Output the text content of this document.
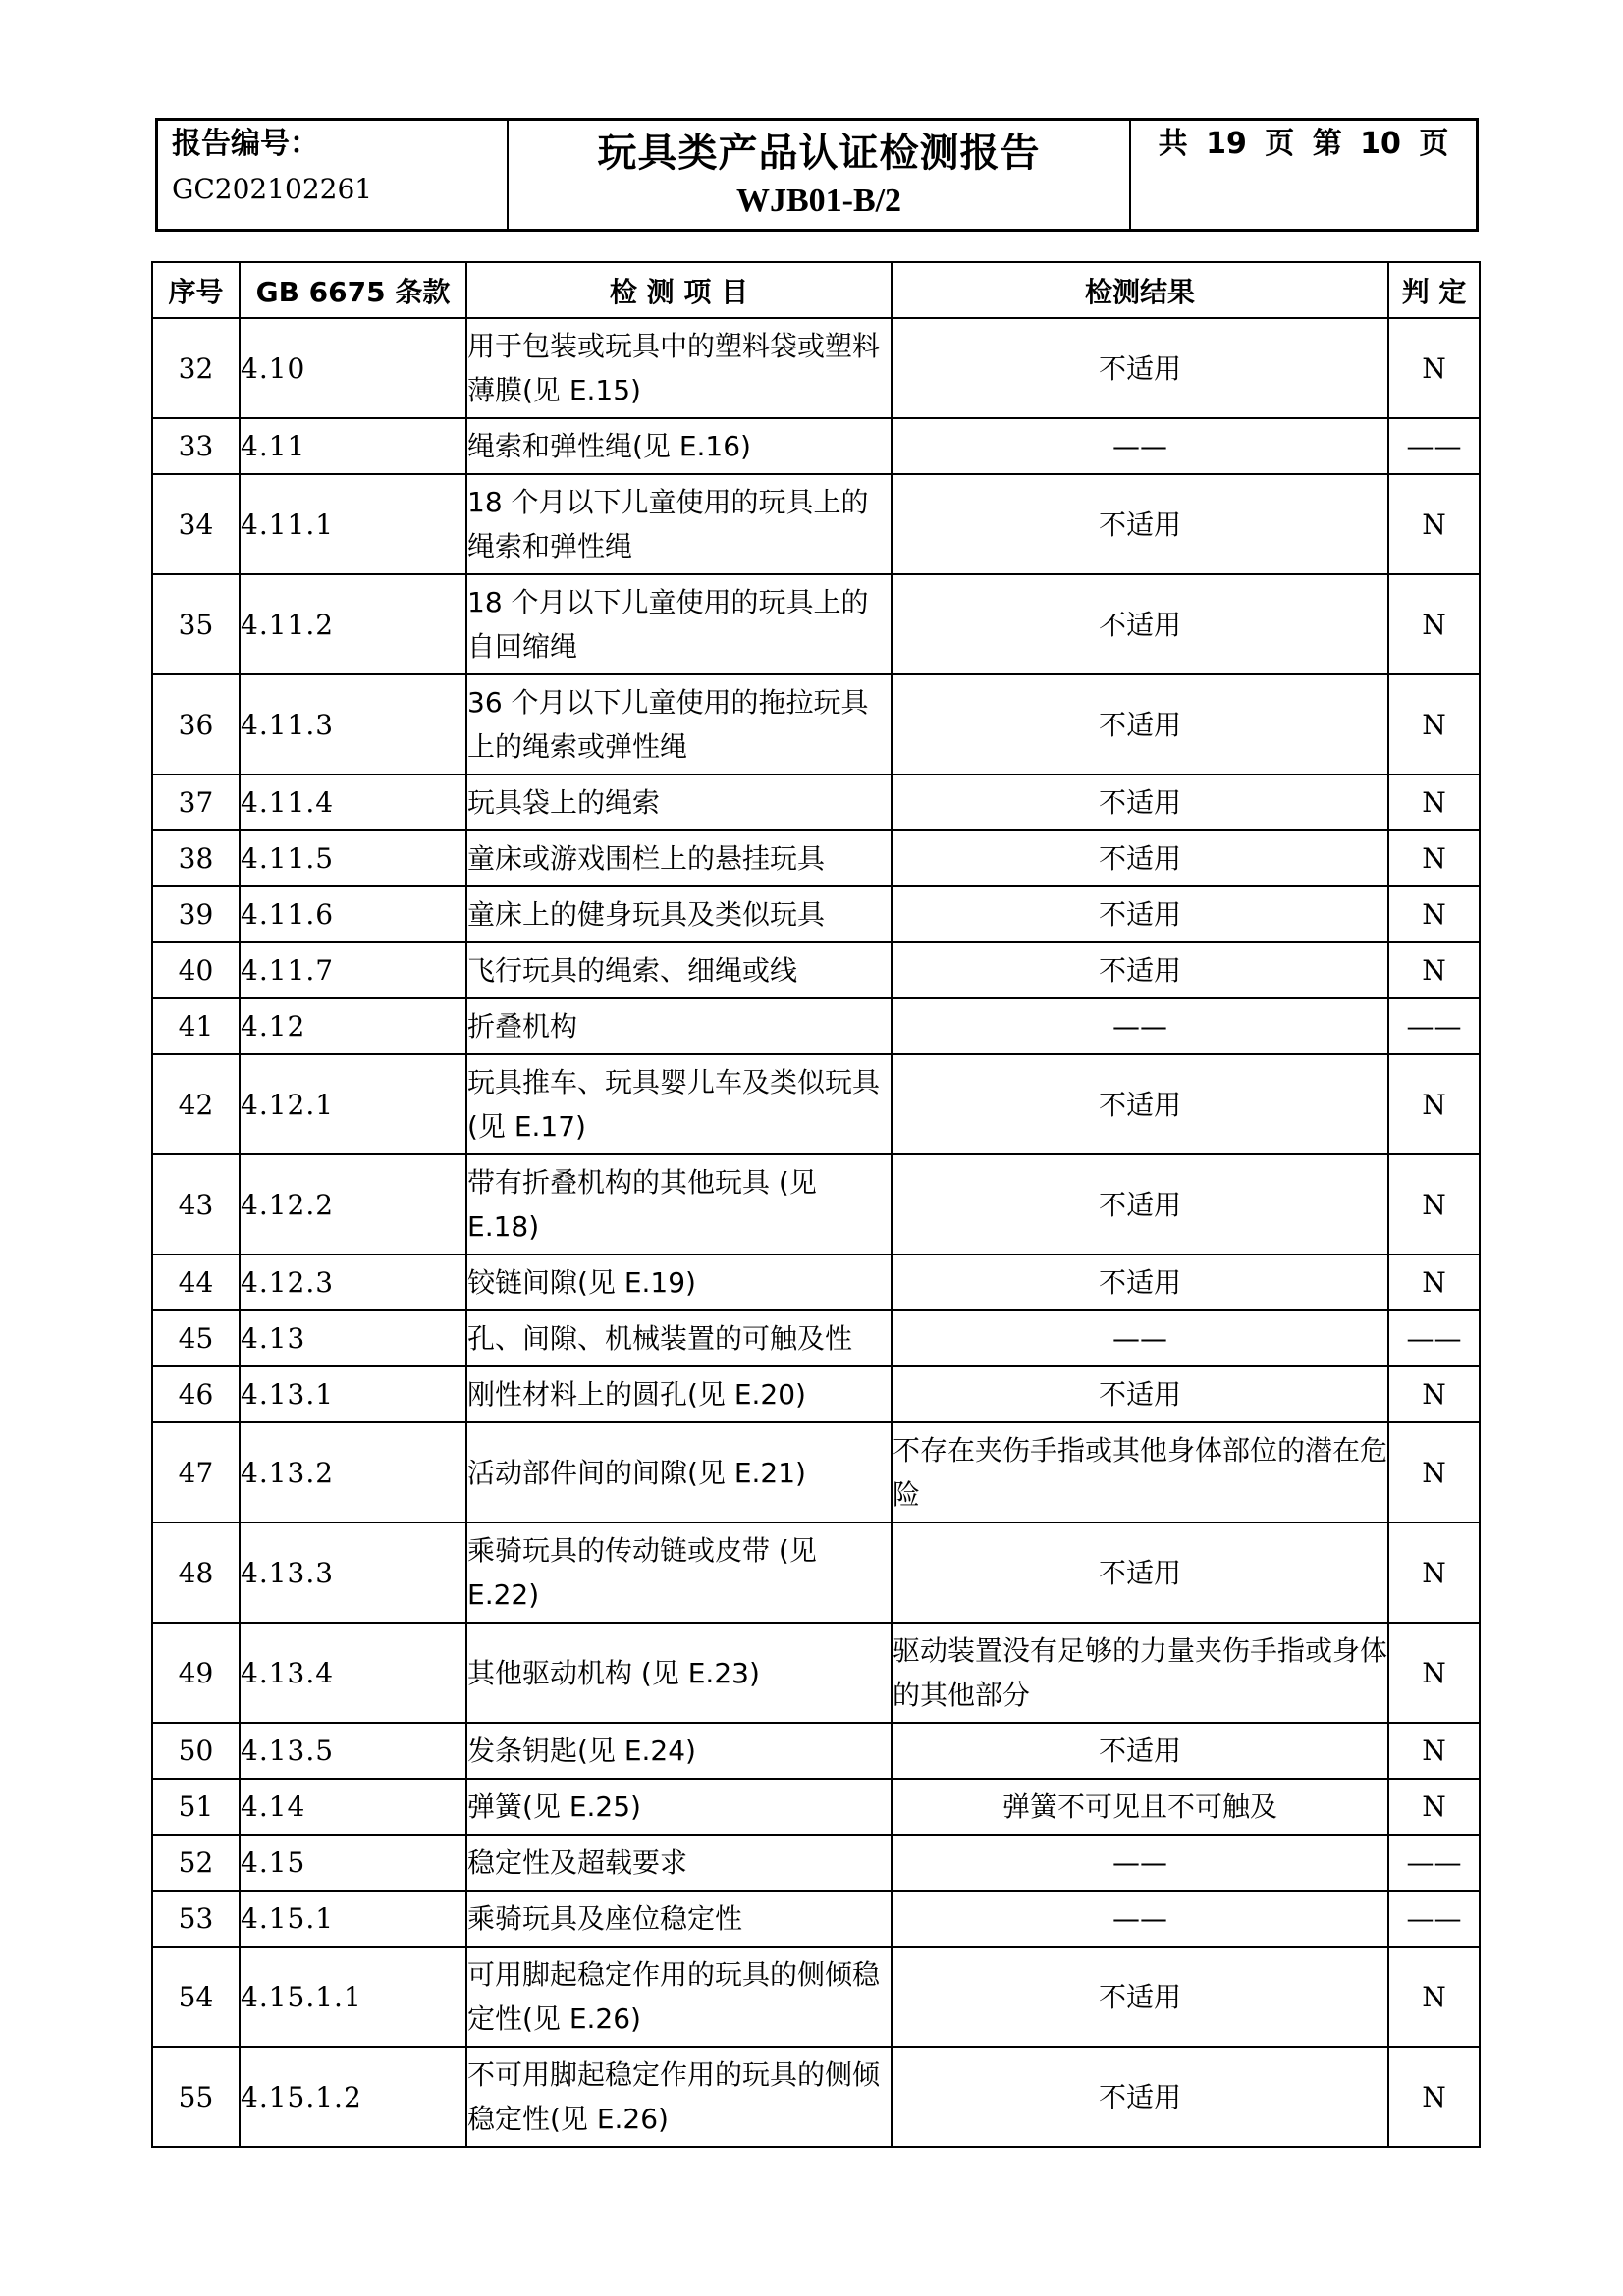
报告编号：
GC202102261
玩具类产品认证检测报告
WJB01-B/2
共 19 页 第 10 页
序号	GB 6675 条款	检 测 项 目	检测结果	判 定
32	4.10	用于包装或玩具中的塑料袋或塑料薄膜(见 E.15)	不适用	N
33	4.11	绳索和弹性绳(见 E.16)	——	——
34	4.11.1	18 个月以下儿童使用的玩具上的绳索和弹性绳	不适用	N
35	4.11.2	18 个月以下儿童使用的玩具上的自回缩绳	不适用	N
36	4.11.3	36 个月以下儿童使用的拖拉玩具上的绳索或弹性绳	不适用	N
37	4.11.4	玩具袋上的绳索	不适用	N
38	4.11.5	童床或游戏围栏上的悬挂玩具	不适用	N
39	4.11.6	童床上的健身玩具及类似玩具	不适用	N
40	4.11.7	飞行玩具的绳索、细绳或线	不适用	N
41	4.12	折叠机构	——	——
42	4.12.1	玩具推车、玩具婴儿车及类似玩具(见 E.17)	不适用	N
43	4.12.2	带有折叠机构的其他玩具 (见 E.18)	不适用	N
44	4.12.3	铰链间隙(见 E.19)	不适用	N
45	4.13	孔、间隙、机械装置的可触及性	——	——
46	4.13.1	刚性材料上的圆孔(见 E.20)	不适用	N
47	4.13.2	活动部件间的间隙(见 E.21)	不存在夹伤手指或其他身体部位的潜在危险	N
48	4.13.3	乘骑玩具的传动链或皮带 (见 E.22)	不适用	N
49	4.13.4	其他驱动机构 (见 E.23)	驱动装置没有足够的力量夹伤手指或身体的其他部分	N
50	4.13.5	发条钥匙(见 E.24)	不适用	N
51	4.14	弹簧(见 E.25)	弹簧不可见且不可触及	N
52	4.15	稳定性及超载要求	——	——
53	4.15.1	乘骑玩具及座位稳定性	——	——
54	4.15.1.1	可用脚起稳定作用的玩具的侧倾稳定性(见 E.26)	不适用	N
55	4.15.1.2	不可用脚起稳定作用的玩具的侧倾稳定性(见 E.26)	不适用	N
